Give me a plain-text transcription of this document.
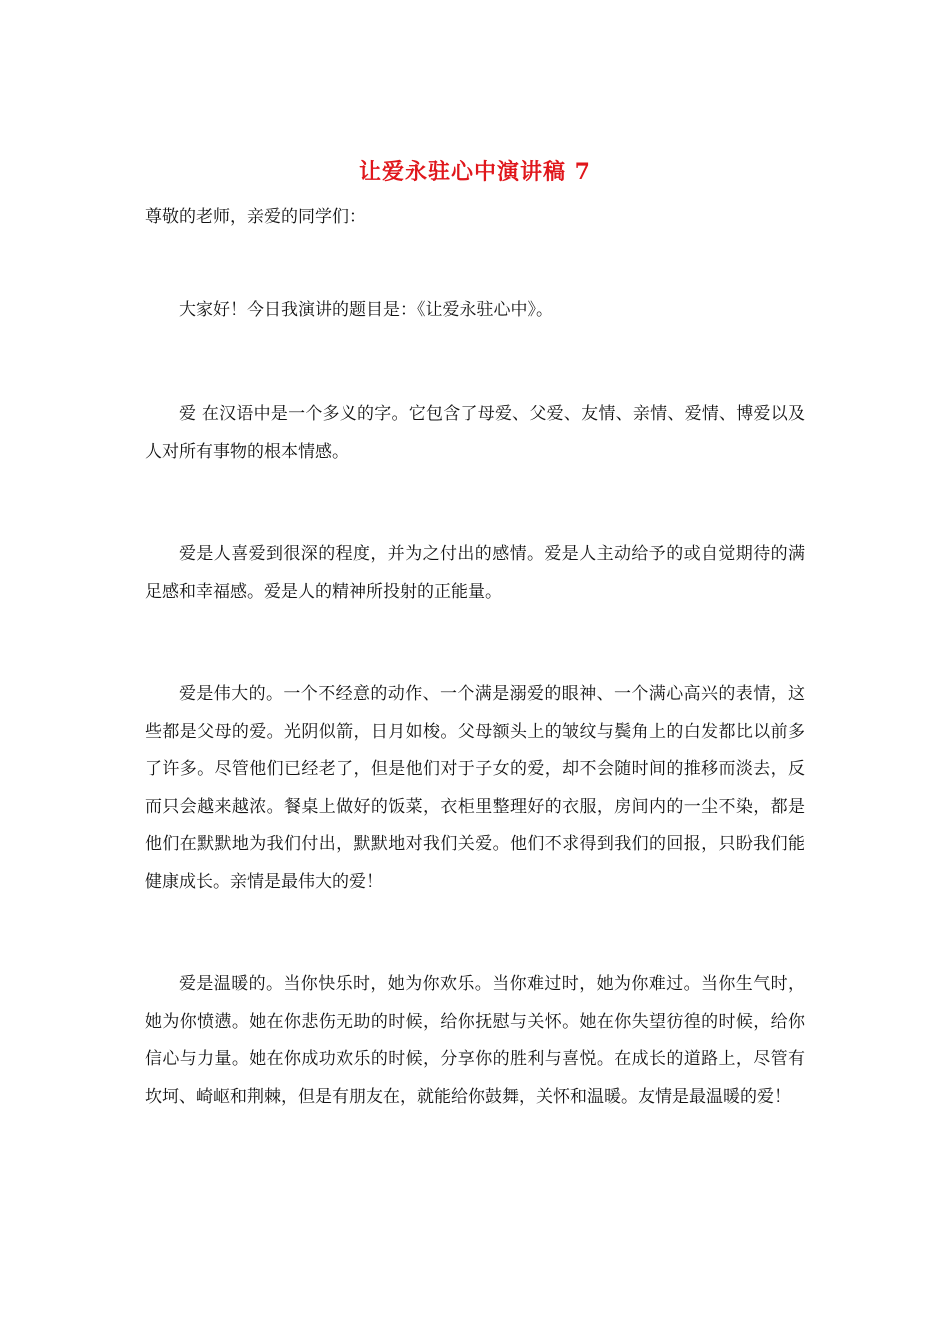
让爱永驻心中演讲稿 7
尊敬的老师，亲爱的同学们：

大家好！今日我演讲的题目是：《让爱永驻心中》。

爱 在汉语中是一个多义的字。它包含了母爱、父爱、友情、亲情、爱情、博爱以及人对所有事物的根本情感。

爱是人喜爱到很深的程度，并为之付出的感情。爱是人主动给予的或自觉期待的满足感和幸福感。爱是人的精神所投射的正能量。

爱是伟大的。一个不经意的动作、一个满是溺爱的眼神、一个满心高兴的表情，这些都是父母的爱。光阴似箭，日月如梭。父母额头上的皱纹与鬓角上的白发都比以前多了许多。尽管他们已经老了，但是他们对于子女的爱，却不会随时间的推移而淡去，反而只会越来越浓。餐桌上做好的饭菜，衣柜里整理好的衣服，房间内的一尘不染，都是他们在默默地为我们付出，默默地对我们关爱。他们不求得到我们的回报，只盼我们能健康成长。亲情是最伟大的爱！

爱是温暖的。当你快乐时，她为你欢乐。当你难过时，她为你难过。当你生气时，她为你愤懑。她在你悲伤无助的时候，给你抚慰与关怀。她在你失望彷徨的时候，给你信心与力量。她在你成功欢乐的时候，分享你的胜利与喜悦。在成长的道路上，尽管有坎坷、崎岖和荆棘，但是有朋友在，就能给你鼓舞，关怀和温暖。友情是最温暖的爱！
